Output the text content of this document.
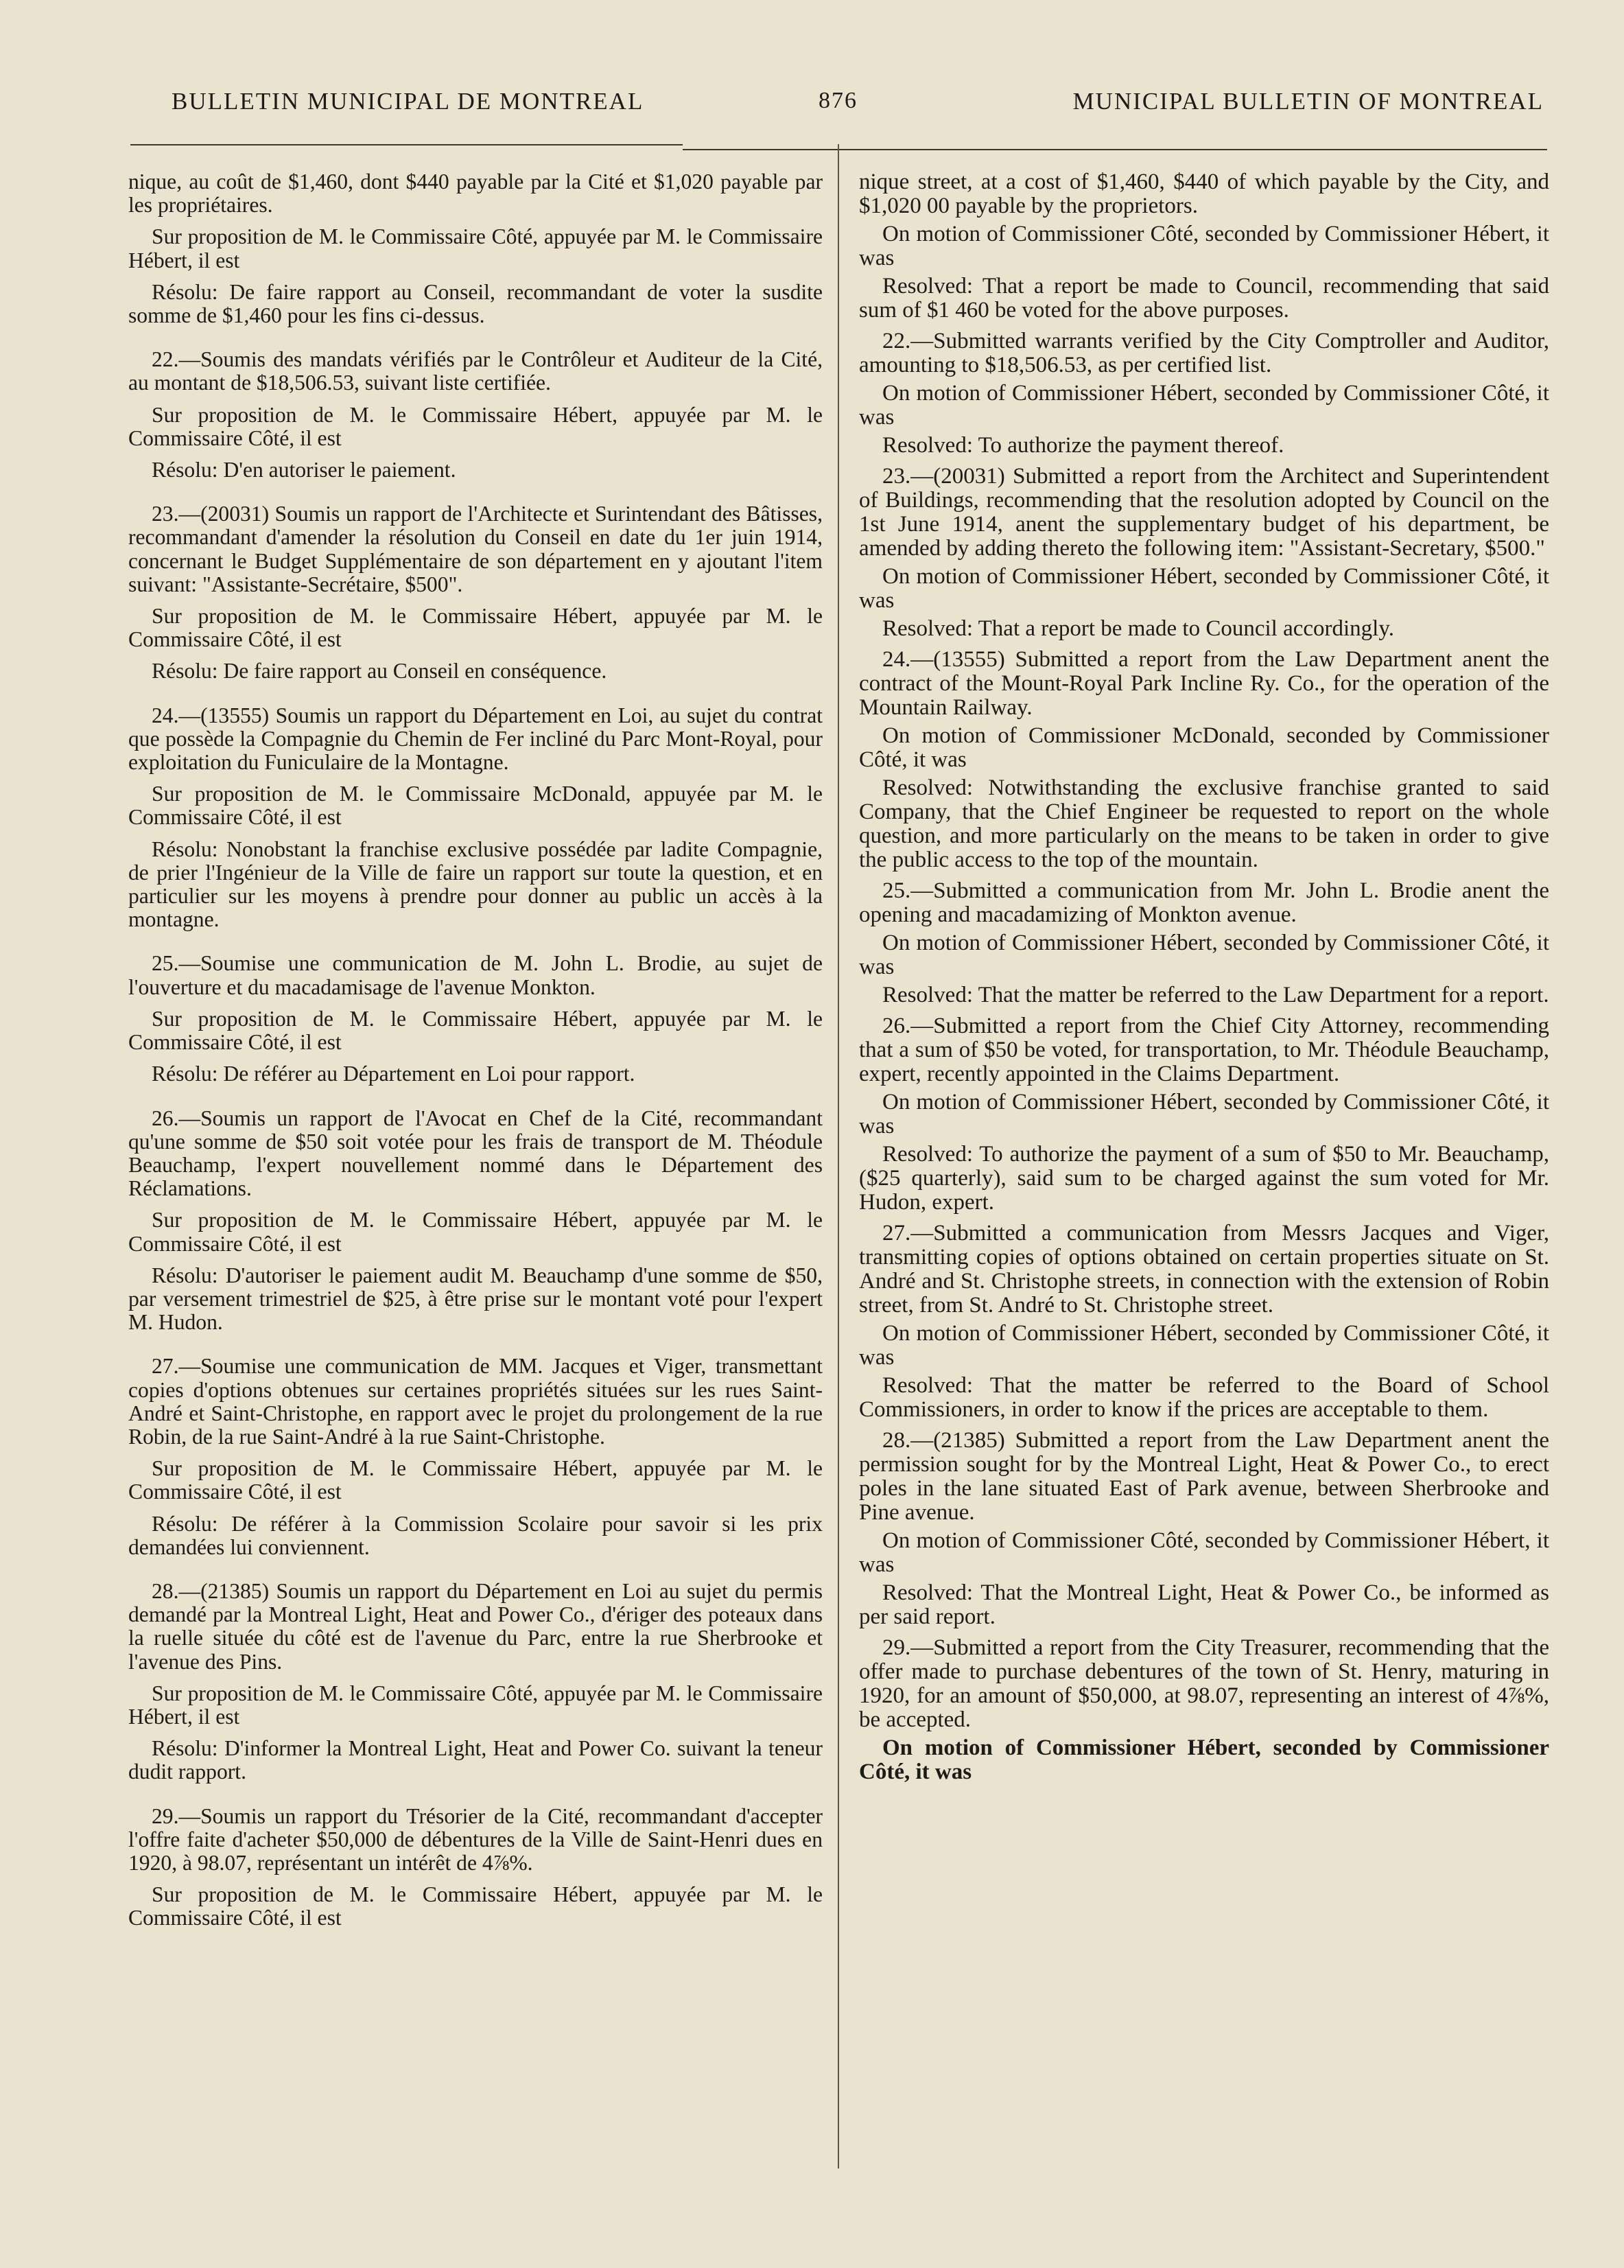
BULLETIN MUNICIPAL DE MONTREAL	876	MUNICIPAL BULLETIN OF MONTREAL

nique, au coût de $1,460, dont $440 payable par la Cité et $1,020 payable par les propriétaires.

Sur proposition de M. le Commissaire Côté, appuyée par M. le Commissaire Hébert, il est

Résolu: De faire rapport au Conseil, recommandant de voter la susdite somme de $1,460 pour les fins ci-dessus.

22.—Soumis des mandats vérifiés par le Contrôleur et Auditeur de la Cité, au montant de $18,506.53, suivant liste certifiée.

Sur proposition de M. le Commissaire Hébert, appuyée par M. le Commissaire Côté, il est

Résolu: D'en autoriser le paiement.

23.—(20031) Soumis un rapport de l'Architecte et Surintendant des Bâtisses, recommandant d'amender la résolution du Conseil en date du 1er juin 1914, concernant le Budget Supplémentaire de son département en y ajoutant l'item suivant: "Assistante-Secrétaire, $500".

Sur proposition de M. le Commissaire Hébert, appuyée par M. le Commissaire Côté, il est

Résolu: De faire rapport au Conseil en conséquence.

24.—(13555) Soumis un rapport du Département en Loi, au sujet du contrat que possède la Compagnie du Chemin de Fer incliné du Parc Mont-Royal, pour exploitation du Funiculaire de la Montagne.

Sur proposition de M. le Commissaire McDonald, appuyée par M. le Commissaire Côté, il est

Résolu: Nonobstant la franchise exclusive possédée par ladite Compagnie, de prier l'Ingénieur de la Ville de faire un rapport sur toute la question, et en particulier sur les moyens à prendre pour donner au public un accès à la montagne.

25.—Soumise une communication de M. John L. Brodie, au sujet de l'ouverture et du macadamisage de l'avenue Monkton.

Sur proposition de M. le Commissaire Hébert, appuyée par M. le Commissaire Côté, il est

Résolu: De référer au Département en Loi pour rapport.

26.—Soumis un rapport de l'Avocat en Chef de la Cité, recommandant qu'une somme de $50 soit votée pour les frais de transport de M. Théodule Beauchamp, l'expert nouvellement nommé dans le Département des Réclamations.

Sur proposition de M. le Commissaire Hébert, appuyée par M. le Commissaire Côté, il est

Résolu: D'autoriser le paiement audit M. Beauchamp d'une somme de $50, par versement trimestriel de $25, à être prise sur le montant voté pour l'expert M. Hudon.

27.—Soumise une communication de MM. Jacques et Viger, transmettant copies d'options obtenues sur certaines propriétés situées sur les rues Saint-André et Saint-Christophe, en rapport avec le projet du prolongement de la rue Robin, de la rue Saint-André à la rue Saint-Christophe.

Sur proposition de M. le Commissaire Hébert, appuyée par M. le Commissaire Côté, il est

Résolu: De référer à la Commission Scolaire pour savoir si les prix demandées lui conviennent.

28.—(21385) Soumis un rapport du Département en Loi au sujet du permis demandé par la Montreal Light, Heat and Power Co., d'ériger des poteaux dans la ruelle située du côté est de l'avenue du Parc, entre la rue Sherbrooke et l'avenue des Pins.

Sur proposition de M. le Commissaire Côté, appuyée par M. le Commissaire Hébert, il est

Résolu: D'informer la Montreal Light, Heat and Power Co. suivant la teneur dudit rapport.

29.—Soumis un rapport du Trésorier de la Cité, recommandant d'accepter l'offre faite d'acheter $50,000 de débentures de la Ville de Saint-Henri dues en 1920, à 98.07, représentant un intérêt de 4⅞%.

Sur proposition de M. le Commissaire Hébert, appuyée par M. le Commissaire Côté, il est

nique street, at a cost of $1,460, $440 of which payable by the City, and $1,020 00 payable by the proprietors.

On motion of Commissioner Côté, seconded by Commissioner Hébert, it was

Resolved: That a report be made to Council, recommending that said sum of $1 460 be voted for the above purposes.

22.—Submitted warrants verified by the City Comptroller and Auditor, amounting to $18,506.53, as per certified list.

On motion of Commissioner Hébert, seconded by Commissioner Côté, it was

Resolved: To authorize the payment thereof.

23.—(20031) Submitted a report from the Architect and Superintendent of Buildings, recommending that the resolution adopted by Council on the 1st June 1914, anent the supplementary budget of his department, be amended by adding thereto the following item: "Assistant-Secretary, $500."

On motion of Commissioner Hébert, seconded by Commissioner Côté, it was

Resolved: That a report be made to Council accordingly.

24.—(13555) Submitted a report from the Law Department anent the contract of the Mount-Royal Park Incline Ry. Co., for the operation of the Mountain Railway.

On motion of Commissioner McDonald, seconded by Commissioner Côté, it was

Resolved: Notwithstanding the exclusive franchise granted to said Company, that the Chief Engineer be requested to report on the whole question, and more particularly on the means to be taken in order to give the public access to the top of the mountain.

25.—Submitted a communication from Mr. John L. Brodie anent the opening and macadamizing of Monkton avenue.

On motion of Commissioner Hébert, seconded by Commissioner Côté, it was

Resolved: That the matter be referred to the Law Department for a report.

26.—Submitted a report from the Chief City Attorney, recommending that a sum of $50 be voted, for transportation, to Mr. Théodule Beauchamp, expert, recently appointed in the Claims Department.

On motion of Commissioner Hébert, seconded by Commissioner Côté, it was

Resolved: To authorize the payment of a sum of $50 to Mr. Beauchamp, ($25 quarterly), said sum to be charged against the sum voted for Mr. Hudon, expert.

27.—Submitted a communication from Messrs Jacques and Viger, transmitting copies of options obtained on certain properties situate on St. André and St. Christophe streets, in connection with the extension of Robin street, from St. André to St. Christophe street.

On motion of Commissioner Hébert, seconded by Commissioner Côté, it was

Resolved: That the matter be referred to the Board of School Commissioners, in order to know if the prices are acceptable to them.

28.—(21385) Submitted a report from the Law Department anent the permission sought for by the Montreal Light, Heat & Power Co., to erect poles in the lane situated East of Park avenue, between Sherbrooke and Pine avenue.

On motion of Commissioner Côté, seconded by Commissioner Hébert, it was

Resolved: That the Montreal Light, Heat & Power Co., be informed as per said report.

29.—Submitted a report from the City Treasurer, recommending that the offer made to purchase debentures of the town of St. Henry, maturing in 1920, for an amount of $50,000, at 98.07, representing an interest of 4⅞%, be accepted.

On motion of Commissioner Hébert, seconded by Commissioner Côté, it was
